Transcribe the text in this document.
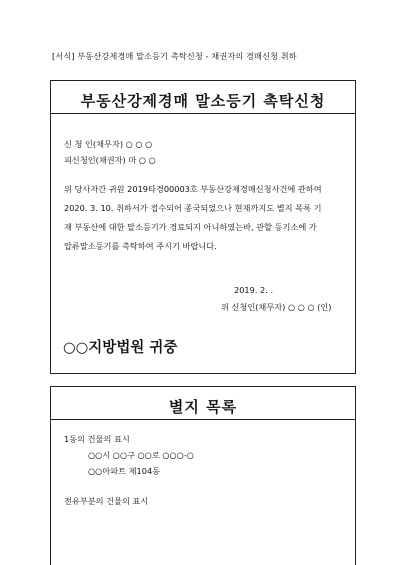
[서식] 부동산강제경매 말소등기 촉탁신청 - 채권자의 경매신청 취하
부동산강제경매 말소등기 촉탁신청
신 청 인(채무자) ○ ○ ○
피신청인(채권자) 마 ○ ○
위 당사자간 귀원 2019타경00003호 부동산강제경매신청사건에 관하여
2020. 3. 10. 취하서가 접수되어 종국되었으나 현재까지도 별지 목록 기
재 부동산에 대한 말소등기가 경료되지 아니하였는바, 관할 등기소에 가
압류말소등기를 촉탁하여 주시기 바랍니다.
2019. 2. .
위 신청인(채무자) ○ ○ ○ (인)
○○지방법원 귀중
별지 목록
1동의 건물의 표시
○○시 ○○구 ○○로 ○○○-○
○○아파트 제104동
전유부분의 건물의 표시
